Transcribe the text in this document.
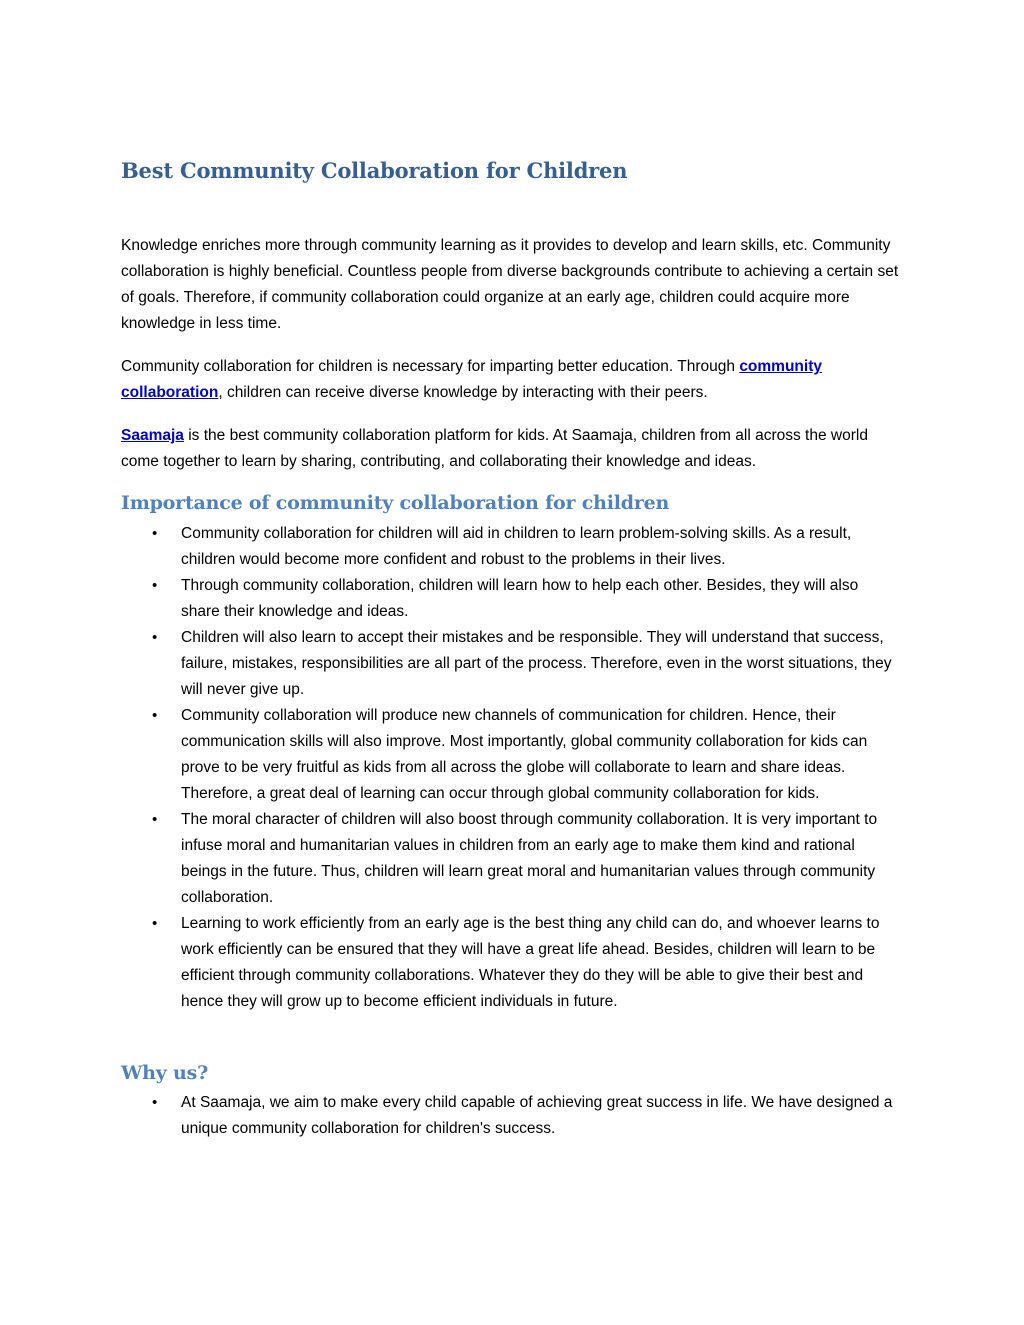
Best Community Collaboration for Children

Knowledge enriches more through community learning as it provides to develop and learn skills, etc. Community collaboration is highly beneficial. Countless people from diverse backgrounds contribute to achieving a certain set of goals. Therefore, if community collaboration could organize at an early age, children could acquire more knowledge in less time.

Community collaboration for children is necessary for imparting better education. Through community collaboration, children can receive diverse knowledge by interacting with their peers.

Saamaja is the best community collaboration platform for kids. At Saamaja, children from all across the world come together to learn by sharing, contributing, and collaborating their knowledge and ideas.

Importance of community collaboration for children
• Community collaboration for children will aid in children to learn problem-solving skills. As a result, children would become more confident and robust to the problems in their lives.
• Through community collaboration, children will learn how to help each other. Besides, they will also share their knowledge and ideas.
• Children will also learn to accept their mistakes and be responsible. They will understand that success, failure, mistakes, responsibilities are all part of the process. Therefore, even in the worst situations, they will never give up.
• Community collaboration will produce new channels of communication for children. Hence, their communication skills will also improve. Most importantly, global community collaboration for kids can prove to be very fruitful as kids from all across the globe will collaborate to learn and share ideas. Therefore, a great deal of learning can occur through global community collaboration for kids.
• The moral character of children will also boost through community collaboration. It is very important to infuse moral and humanitarian values in children from an early age to make them kind and rational beings in the future. Thus, children will learn great moral and humanitarian values through community collaboration.
• Learning to work efficiently from an early age is the best thing any child can do, and whoever learns to work efficiently can be ensured that they will have a great life ahead. Besides, children will learn to be efficient through community collaborations. Whatever they do they will be able to give their best and hence they will grow up to become efficient individuals in future.
Why us?
• At Saamaja, we aim to make every child capable of achieving great success in life. We have designed a unique community collaboration for children's success.
